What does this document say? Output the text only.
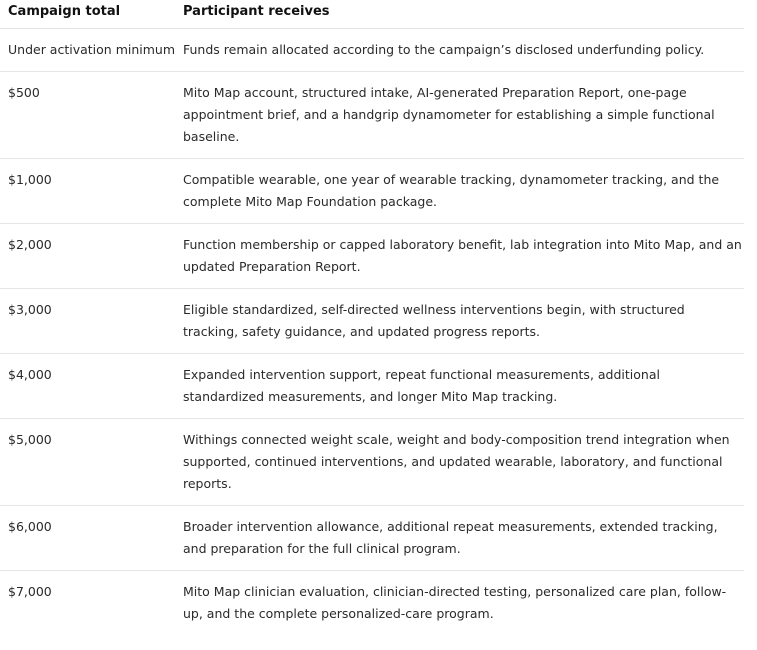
Campaign total	Participant receives
Under activation minimum	Funds remain allocated according to the campaign’s disclosed underfunding policy.
$500	Mito Map account, structured intake, AI-generated Preparation Report, one-page appointment brief, and a handgrip dynamometer for establishing a simple functional baseline.
$1,000	Compatible wearable, one year of wearable tracking, dynamometer tracking, and the complete Mito Map Foundation package.
$2,000	Function membership or capped laboratory benefit, lab integration into Mito Map, and an updated Preparation Report.
$3,000	Eligible standardized, self-directed wellness interventions begin, with structured tracking, safety guidance, and updated progress reports.
$4,000	Expanded intervention support, repeat functional measurements, additional standardized measurements, and longer Mito Map tracking.
$5,000	Withings connected weight scale, weight and body-composition trend integration when supported, continued interventions, and updated wearable, laboratory, and functional reports.
$6,000	Broader intervention allowance, additional repeat measurements, extended tracking, and preparation for the full clinical program.
$7,000	Mito Map clinician evaluation, clinician-directed testing, personalized care plan, follow-up, and the complete personalized-care program.
